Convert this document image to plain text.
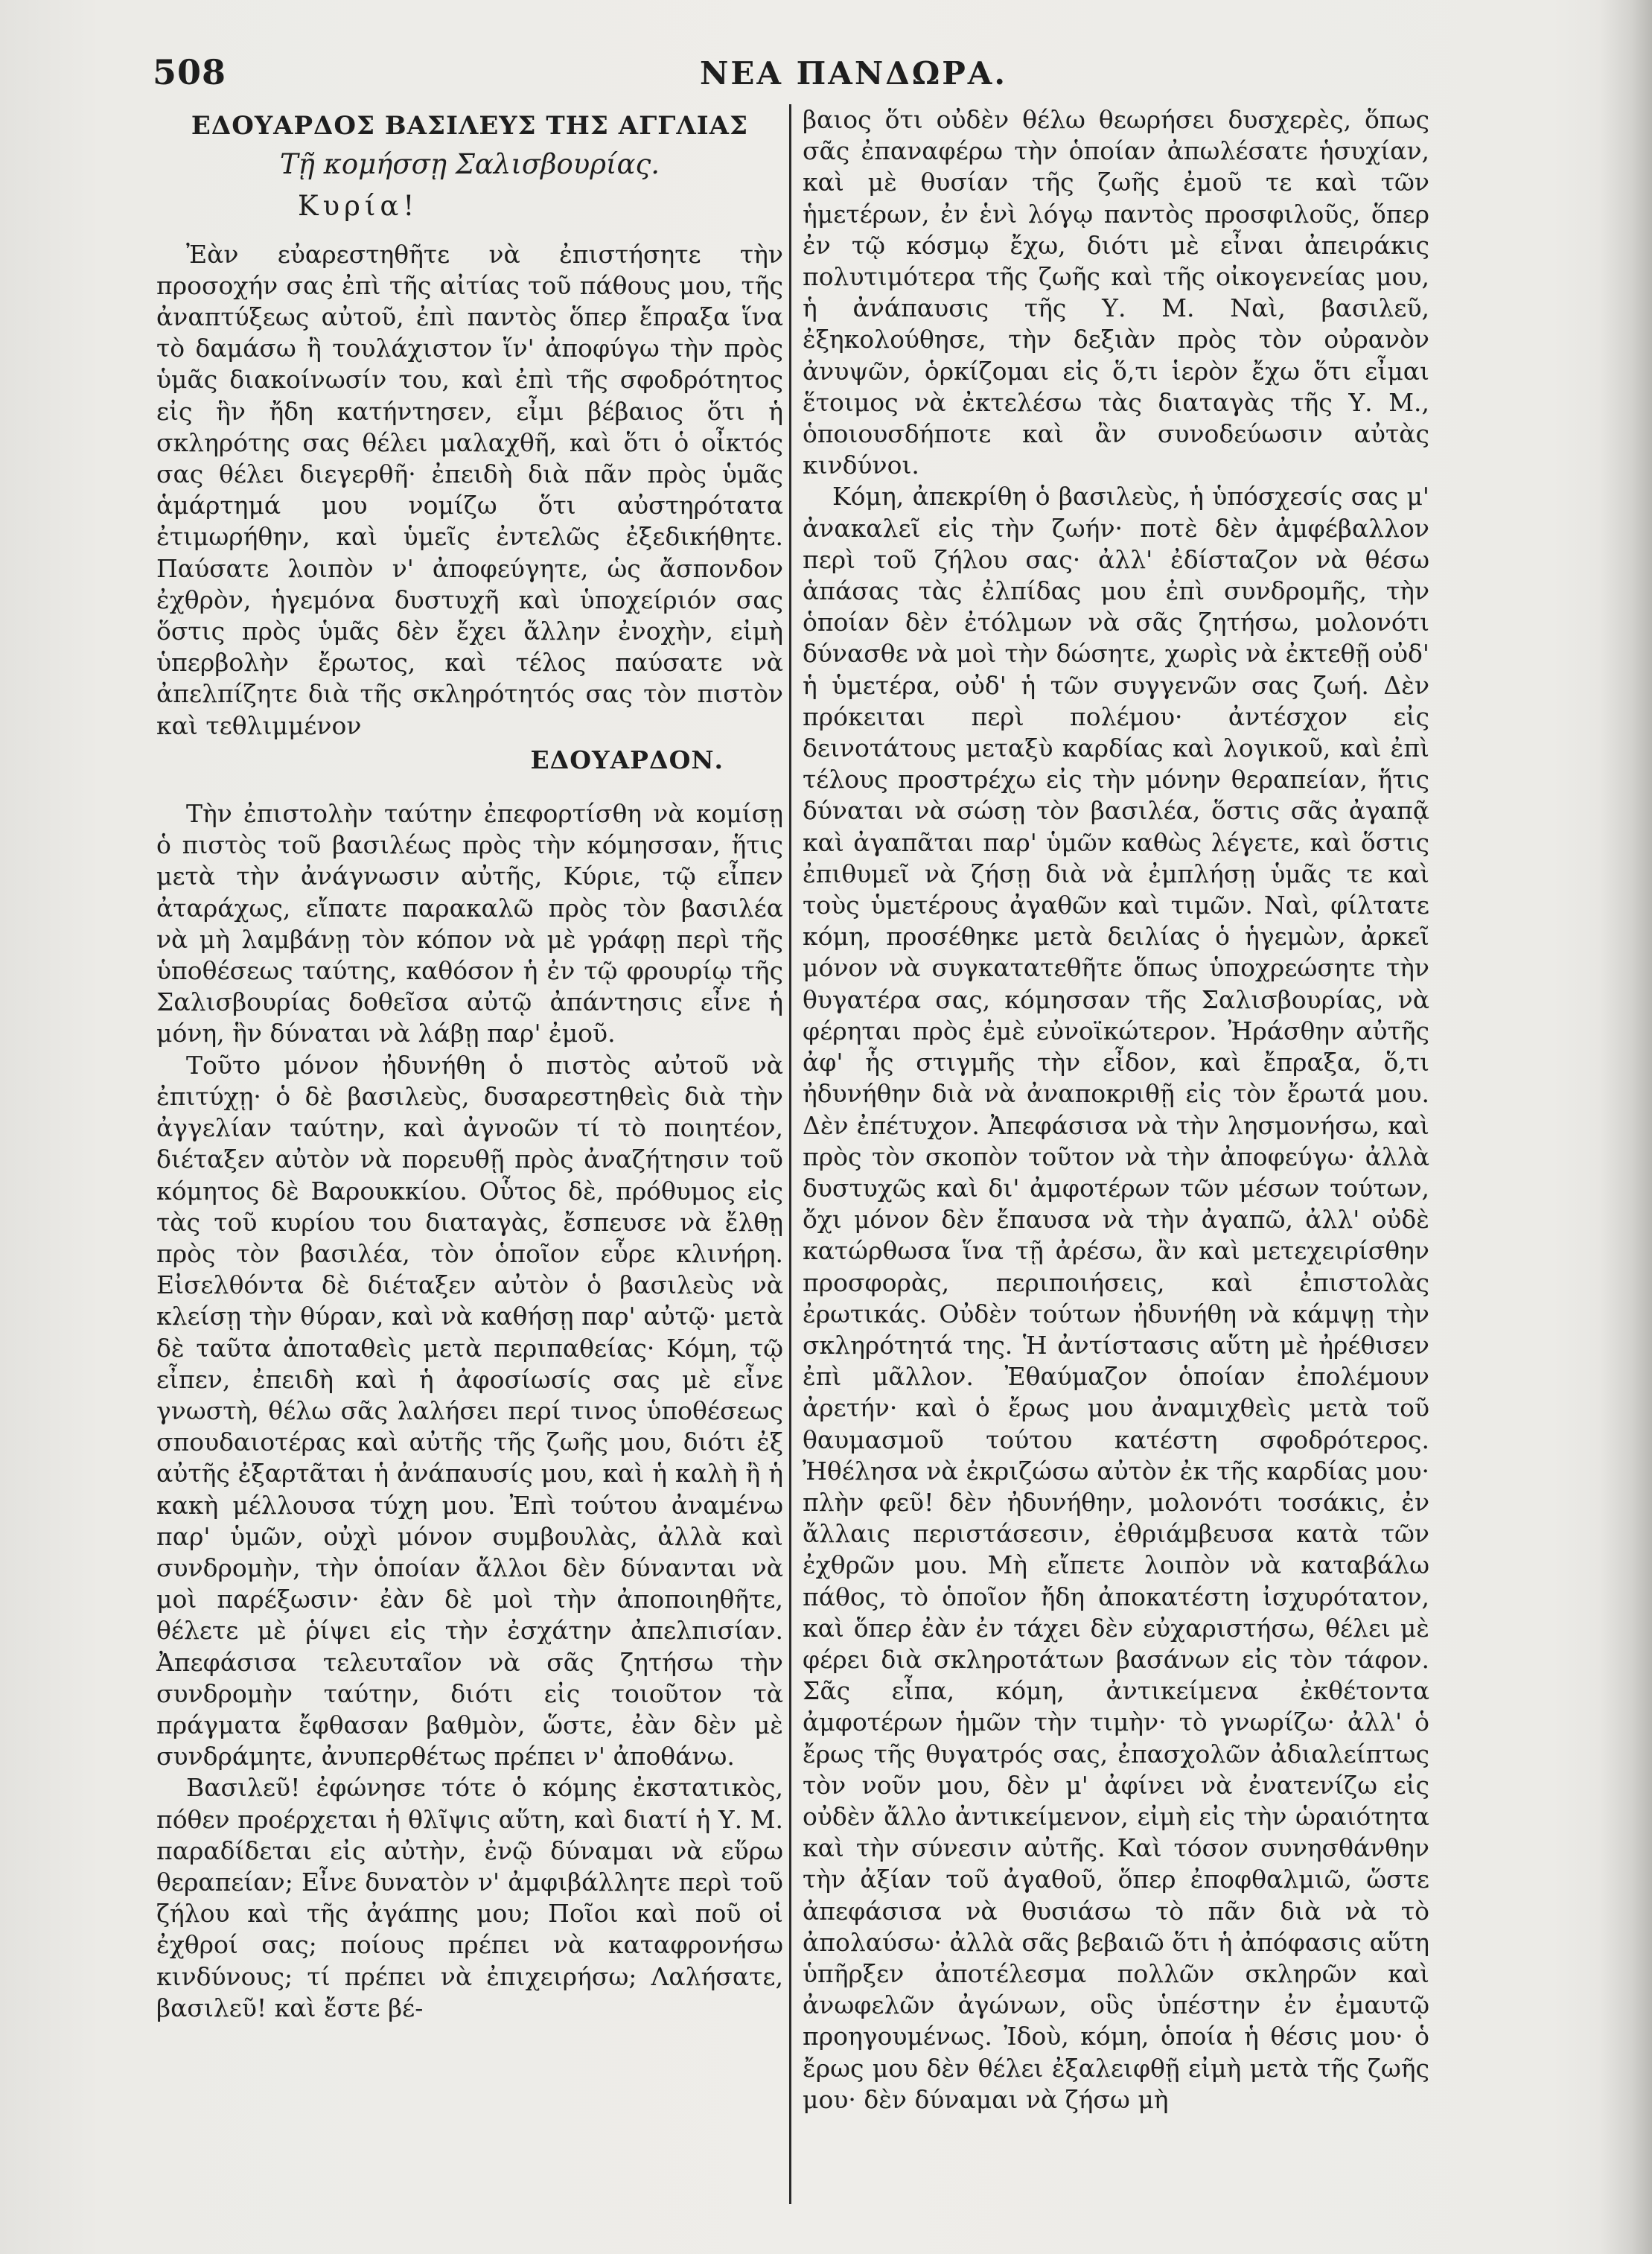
508	ΝΕΑ ΠΑΝΔΩΡΑ.
ΕΔΟΥΑΡΔΟΣ ΒΑΣΙΛΕΥΣ ΤΗΣ ΑΓΓΛΙΑΣ
Τῇ κομήσσῃ Σαλισβουρίας.
Κυρία!

Ἐὰν εὐαρεστηθῆτε νὰ ἐπιστήσητε τὴν προσοχήν σας ἐπὶ τῆς αἰτίας τοῦ πάθους μου, τῆς ἀναπτύξεως αὐτοῦ, ἐπὶ παντὸς ὅπερ ἔπραξα ἵνα τὸ δαμάσω ἢ τουλάχιστον ἵν' ἀποφύγω τὴν πρὸς ὑμᾶς διακοίνωσίν του, καὶ ἐπὶ τῆς σφοδρότητος εἰς ἣν ἤδη κατήντησεν, εἶμι βέβαιος ὅτι ἡ σκληρότης σας θέλει μαλαχθῆ, καὶ ὅτι ὁ οἶκτός σας θέλει διεγερθῆ· ἐπειδὴ διὰ πᾶν πρὸς ὑμᾶς ἁμάρτημά μου νομίζω ὅτι αὐστηρότατα ἐτιμωρήθην, καὶ ὑμεῖς ἐντελῶς ἐξεδικήθητε. Παύσατε λοιπὸν ν' ἀποφεύγητε, ὡς ἄσπονδον ἐχθρὸν, ἡγεμόνα δυστυχῆ καὶ ὑποχείριόν σας ὅστις πρὸς ὑμᾶς δὲν ἔχει ἄλλην ἐνοχὴν, εἰμὴ ὑπερβολὴν ἔρωτος, καὶ τέλος παύσατε νὰ ἀπελπίζητε διὰ τῆς σκληρότητός σας τὸν πιστὸν καὶ τεθλιμμένον

ΕΔΟΥΑΡΔΟΝ.

Τὴν ἐπιστολὴν ταύτην ἐπεφορτίσθη νὰ κομίσῃ ὁ πιστὸς τοῦ βασιλέως πρὸς τὴν κόμησσαν, ἥτις μετὰ τὴν ἀνάγνωσιν αὐτῆς, Κύριε, τῷ εἶπεν ἀταράχως, εἴπατε παρακαλῶ πρὸς τὸν βασιλέα νὰ μὴ λαμβάνῃ τὸν κόπον νὰ μὲ γράφῃ περὶ τῆς ὑποθέσεως ταύτης, καθόσον ἡ ἐν τῷ φρουρίῳ τῆς Σαλισβουρίας δοθεῖσα αὐτῷ ἀπάντησις εἶνε ἡ μόνη, ἣν δύναται νὰ λάβῃ παρ' ἐμοῦ.

Τοῦτο μόνον ἠδυνήθη ὁ πιστὸς αὐτοῦ νὰ ἐπιτύχῃ· ὁ δὲ βασιλεὺς, δυσαρεστηθεὶς διὰ τὴν ἀγγελίαν ταύτην, καὶ ἀγνοῶν τί τὸ ποιητέον, διέταξεν αὐτὸν νὰ πορευθῇ πρὸς ἀναζήτησιν τοῦ κόμητος δὲ Βαρουκκίου. Οὗτος δὲ, πρόθυμος εἰς τὰς τοῦ κυρίου του διαταγὰς, ἔσπευσε νὰ ἔλθῃ πρὸς τὸν βασιλέα, τὸν ὁποῖον εὗρε κλινήρη. Εἰσελθόντα δὲ διέταξεν αὐτὸν ὁ βασιλεὺς νὰ κλείσῃ τὴν θύραν, καὶ νὰ καθήσῃ παρ' αὐτῷ· μετὰ δὲ ταῦτα ἀποταθεὶς μετὰ περιπαθείας· Κόμη, τῷ εἶπεν, ἐπειδὴ καὶ ἡ ἀφοσίωσίς σας μὲ εἶνε γνωστὴ, θέλω σᾶς λαλήσει περί τινος ὑποθέσεως σπουδαιοτέρας καὶ αὐτῆς τῆς ζωῆς μου, διότι ἐξ αὐτῆς ἐξαρτᾶται ἡ ἀνάπαυσίς μου, καὶ ἡ καλὴ ἢ ἡ κακὴ μέλλουσα τύχη μου. Ἐπὶ τούτου ἀναμένω παρ' ὑμῶν, οὐχὶ μόνον συμβουλὰς, ἀλλὰ καὶ συνδρομὴν, τὴν ὁποίαν ἄλλοι δὲν δύνανται νὰ μοὶ παρέξωσιν· ἐὰν δὲ μοὶ τὴν ἀποποιηθῆτε, θέλετε μὲ ῥίψει εἰς τὴν ἐσχάτην ἀπελπισίαν. Ἀπεφάσισα τελευταῖον νὰ σᾶς ζητήσω τὴν συνδρομὴν ταύτην, διότι εἰς τοιοῦτον τὰ πράγματα ἔφθασαν βαθμὸν, ὥστε, ἐὰν δὲν μὲ συνδράμητε, ἀνυπερθέτως πρέπει ν' ἀποθάνω.

Βασιλεῦ! ἐφώνησε τότε ὁ κόμης ἐκστατικὸς, πόθεν προέρχεται ἡ θλῖψις αὕτη, καὶ διατί ἡ Υ. Μ. παραδίδεται εἰς αὐτὴν, ἐνῷ δύναμαι νὰ εὕρω θεραπείαν; Εἶνε δυνατὸν ν' ἀμφιβάλλητε περὶ τοῦ ζήλου καὶ τῆς ἀγάπης μου; Ποῖοι καὶ ποῦ οἱ ἐχθροί σας; ποίους πρέπει νὰ καταφρονήσω κινδύνους; τί πρέπει νὰ ἐπιχειρήσω; Λαλήσατε, βασιλεῦ! καὶ ἔστε βέ-

βαιος ὅτι οὐδὲν θέλω θεωρήσει δυσχερὲς, ὅπως σᾶς ἐπαναφέρω τὴν ὁποίαν ἀπωλέσατε ἡσυχίαν, καὶ μὲ θυσίαν τῆς ζωῆς ἐμοῦ τε καὶ τῶν ἡμετέρων, ἐν ἑνὶ λόγῳ παντὸς προσφιλοῦς, ὅπερ ἐν τῷ κόσμῳ ἔχω, διότι μὲ εἶναι ἀπειράκις πολυτιμότερα τῆς ζωῆς καὶ τῆς οἰκογενείας μου, ἡ ἀνάπαυσις τῆς Υ. Μ. Ναὶ, βασιλεῦ, ἐξηκολούθησε, τὴν δεξιὰν πρὸς τὸν οὐρανὸν ἀνυψῶν, ὁρκίζομαι εἰς ὅ,τι ἱερὸν ἔχω ὅτι εἶμαι ἕτοιμος νὰ ἐκτελέσω τὰς διαταγὰς τῆς Υ. Μ., ὁποιουσδήποτε καὶ ἂν συνοδεύωσιν αὐτὰς κινδύνοι.

Κόμη, ἀπεκρίθη ὁ βασιλεὺς, ἡ ὑπόσχεσίς σας μ' ἀνακαλεῖ εἰς τὴν ζωήν· ποτὲ δὲν ἀμφέβαλλον περὶ τοῦ ζήλου σας· ἀλλ' ἐδίσταζον νὰ θέσω ἁπάσας τὰς ἐλπίδας μου ἐπὶ συνδρομῆς, τὴν ὁποίαν δὲν ἐτόλμων νὰ σᾶς ζητήσω, μολονότι δύνασθε νὰ μοὶ τὴν δώσητε, χωρὶς νὰ ἐκτεθῇ οὐδ' ἡ ὑμετέρα, οὐδ' ἡ τῶν συγγενῶν σας ζωή. Δὲν πρόκειται περὶ πολέμου· ἀντέσχον εἰς δεινοτάτους μεταξὺ καρδίας καὶ λογικοῦ, καὶ ἐπὶ τέλους προστρέχω εἰς τὴν μόνην θεραπείαν, ἥτις δύναται νὰ σώσῃ τὸν βασιλέα, ὅστις σᾶς ἀγαπᾷ καὶ ἀγαπᾶται παρ' ὑμῶν καθὼς λέγετε, καὶ ὅστις ἐπιθυμεῖ νὰ ζήσῃ διὰ νὰ ἐμπλήσῃ ὑμᾶς τε καὶ τοὺς ὑμετέρους ἀγαθῶν καὶ τιμῶν. Ναὶ, φίλτατε κόμη, προσέθηκε μετὰ δειλίας ὁ ἡγεμὼν, ἀρκεῖ μόνον νὰ συγκατατεθῆτε ὅπως ὑποχρεώσητε τὴν θυγατέρα σας, κόμησσαν τῆς Σαλισβουρίας, νὰ φέρηται πρὸς ἐμὲ εὐνοϊκώτερον. Ἠράσθην αὐτῆς ἀφ' ἧς στιγμῆς τὴν εἶδον, καὶ ἔπραξα, ὅ,τι ἠδυνήθην διὰ νὰ ἀναποκριθῇ εἰς τὸν ἔρωτά μου. Δὲν ἐπέτυχον. Ἀπεφάσισα νὰ τὴν λησμονήσω, καὶ πρὸς τὸν σκοπὸν τοῦτον νὰ τὴν ἀποφεύγω· ἀλλὰ δυστυχῶς καὶ δι' ἀμφοτέρων τῶν μέσων τούτων, ὄχι μόνον δὲν ἔπαυσα νὰ τὴν ἀγαπῶ, ἀλλ' οὐδὲ κατώρθωσα ἵνα τῇ ἀρέσω, ἂν καὶ μετεχειρίσθην προσφορὰς, περιποιήσεις, καὶ ἐπιστολὰς ἐρωτικάς. Οὐδὲν τούτων ἠδυνήθη νὰ κάμψῃ τὴν σκληρότητά της. Ἡ ἀντίστασις αὕτη μὲ ἠρέθισεν ἐπὶ μᾶλλον. Ἐθαύμαζον ὁποίαν ἐπολέμουν ἀρετήν· καὶ ὁ ἔρως μου ἀναμιχθεὶς μετὰ τοῦ θαυμασμοῦ τούτου κατέστη σφοδρότερος. Ἠθέλησα νὰ ἐκριζώσω αὐτὸν ἐκ τῆς καρδίας μου· πλὴν φεῦ! δὲν ἠδυνήθην, μολονότι τοσάκις, ἐν ἄλλαις περιστάσεσιν, ἐθριάμβευσα κατὰ τῶν ἐχθρῶν μου. Μὴ εἴπετε λοιπὸν νὰ καταβάλω πάθος, τὸ ὁποῖον ἤδη ἀποκατέστη ἰσχυρότατον, καὶ ὅπερ ἐὰν ἐν τάχει δὲν εὐχαριστήσω, θέλει μὲ φέρει διὰ σκληροτάτων βασάνων εἰς τὸν τάφον. Σᾶς εἶπα, κόμη, ἀντικείμενα ἐκθέτοντα ἀμφοτέρων ἡμῶν τὴν τιμὴν· τὸ γνωρίζω· ἀλλ' ὁ ἔρως τῆς θυγατρός σας, ἐπασχολῶν ἀδιαλείπτως τὸν νοῦν μου, δὲν μ' ἀφίνει νὰ ἐνατενίζω εἰς οὐδὲν ἄλλο ἀντικείμενον, εἰμὴ εἰς τὴν ὡραιότητα καὶ τὴν σύνεσιν αὐτῆς. Καὶ τόσον συνησθάνθην τὴν ἀξίαν τοῦ ἀγαθοῦ, ὅπερ ἐποφθαλμιῶ, ὥστε ἀπεφάσισα νὰ θυσιάσω τὸ πᾶν διὰ νὰ τὸ ἀπολαύσω· ἀλλὰ σᾶς βεβαιῶ ὅτι ἡ ἀπόφασις αὕτη ὑπῆρξεν ἀποτέλεσμα πολλῶν σκληρῶν καὶ ἀνωφελῶν ἀγώνων, οὓς ὑπέστην ἐν ἐμαυτῷ προηγουμένως. Ἰδοὺ, κόμη, ὁποία ἡ θέσις μου· ὁ ἔρως μου δὲν θέλει ἐξαλειφθῇ εἰμὴ μετὰ τῆς ζωῆς μου· δὲν δύναμαι νὰ ζήσω μὴ
